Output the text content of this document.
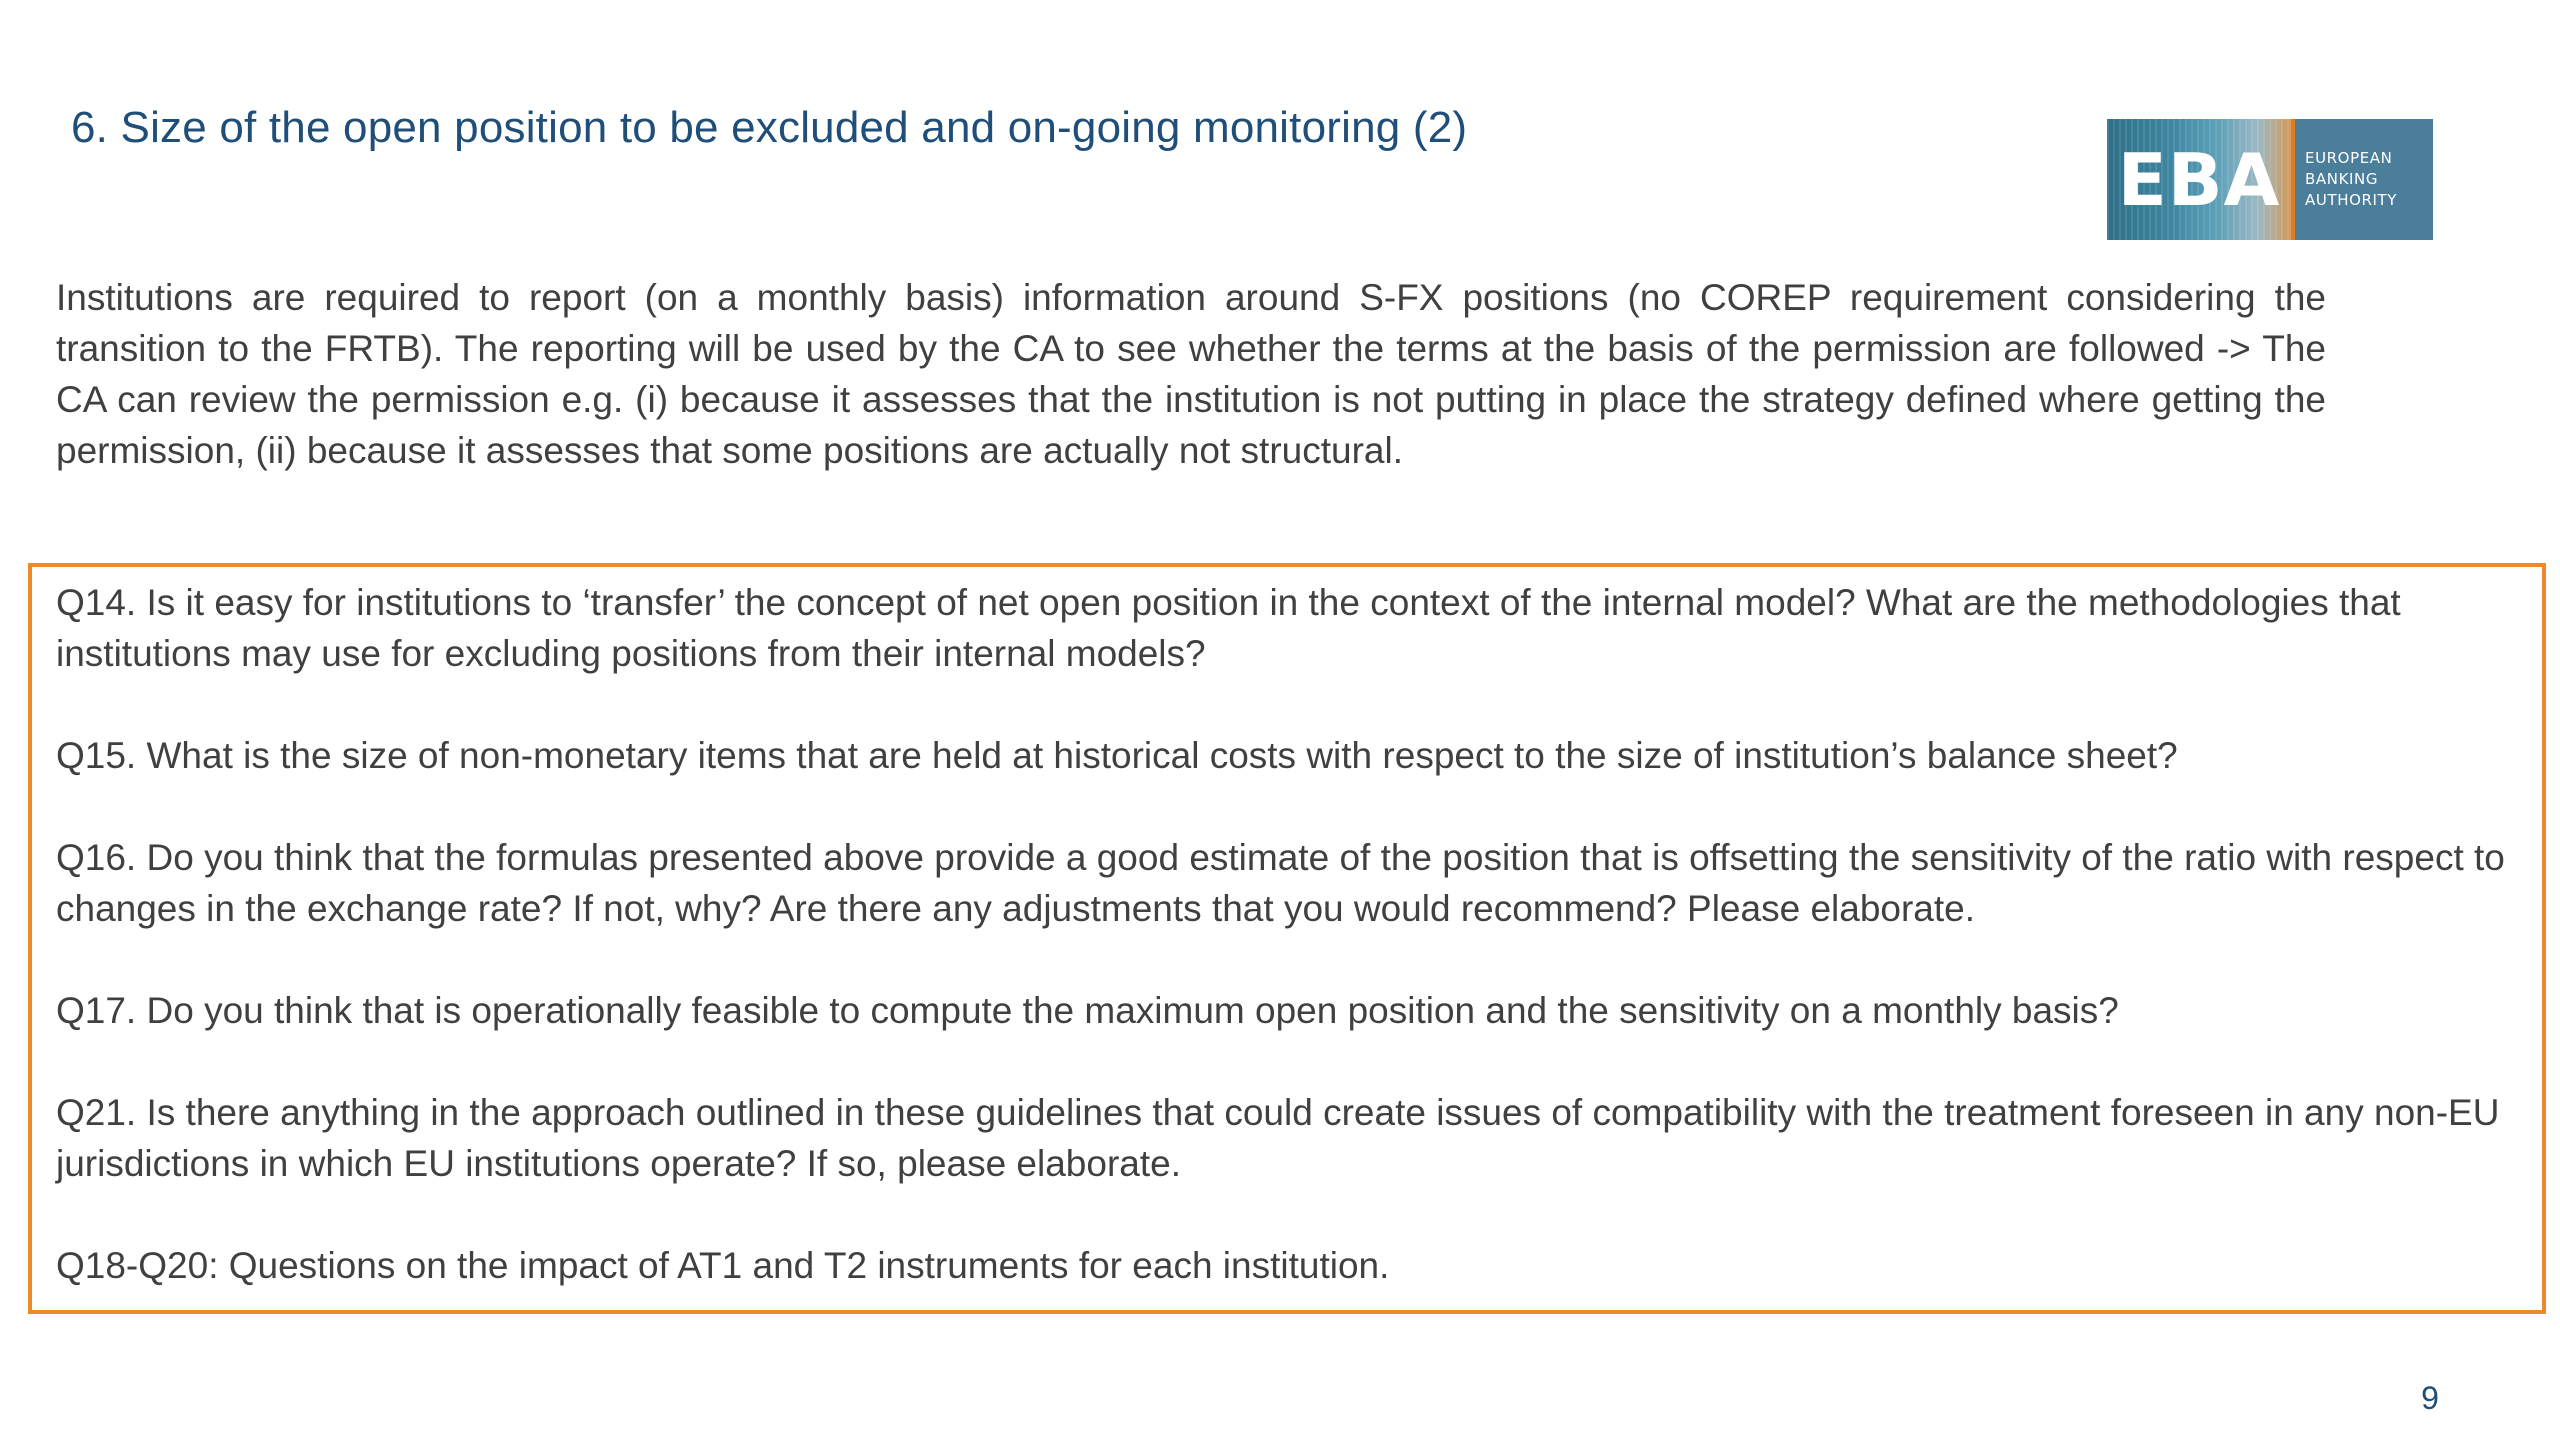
6. Size of the open position to be excluded and on-going monitoring (2)
EBA EUROPEAN
BANKING
AUTHORITY

Institutions are required to report (on a monthly basis) information around S-FX positions (no COREP requirement considering the transition to the FRTB). The reporting will be used by the CA to see whether the terms at the basis of the permission are followed -> The CA can review the permission e.g. (i) because it assesses that the institution is not putting in place the strategy defined where getting the permission, (ii) because it assesses that some positions are actually not structural.

Q14. Is it easy for institutions to ‘transfer’ the concept of net open position in the context of the internal model? What are the methodologies that institutions may use for excluding positions from their internal models?

Q15. What is the size of non-monetary items that are held at historical costs with respect to the size of institution’s balance sheet?

Q16. Do you think that the formulas presented above provide a good estimate of the position that is offsetting the sensitivity of the ratio with respect to changes in the exchange rate? If not, why? Are there any adjustments that you would recommend? Please elaborate.

Q17. Do you think that is operationally feasible to compute the maximum open position and the sensitivity on a monthly basis?

Q21. Is there anything in the approach outlined in these guidelines that could create issues of compatibility with the treatment foreseen in any non-EU jurisdictions in which EU institutions operate? If so, please elaborate.

Q18-Q20: Questions on the impact of AT1 and T2 instruments for each institution.

9
